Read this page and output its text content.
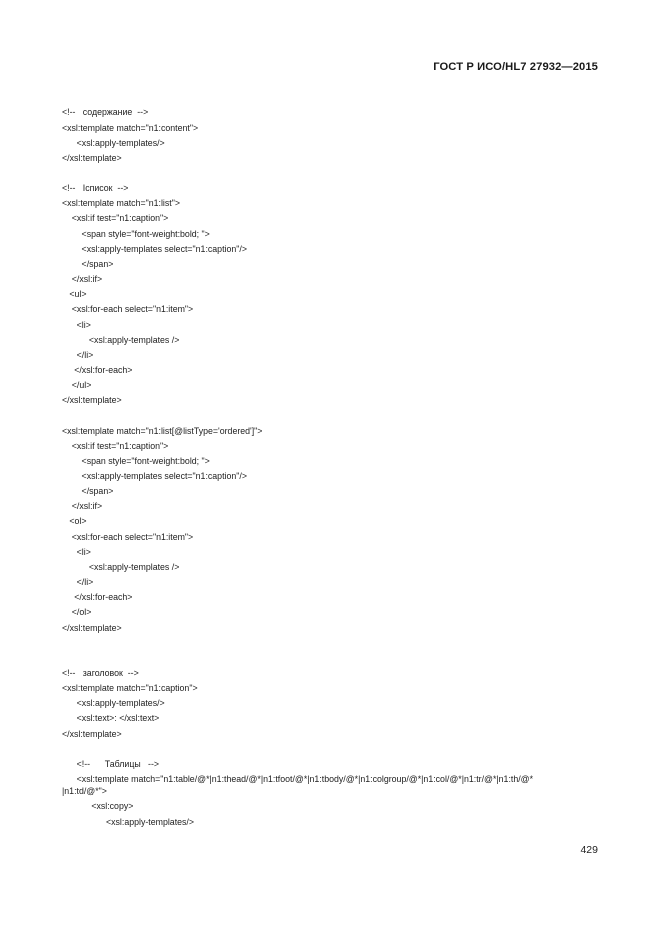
ГОСТ Р ИСО/HL7 27932—2015
<!--   содержание  -->
<xsl:template match="n1:content">
<xsl:apply-templates/>
</xsl:template>
<!--   Iсписок  -->
<xsl:template match="n1:list">
<xsl:if test="n1:caption">
<span style="font-weight:bold; ">
<xsl:apply-templates select="n1:caption"/>
</span>
</xsl:if>
<ul>
<xsl:for-each select="n1:item">
<li>
<xsl:apply-templates />
</li>
</xsl:for-each>
</ul>
</xsl:template>
<xsl:template match="n1:list[@listType='ordered']">
<xsl:if test="n1:caption">
<span style="font-weight:bold; ">
<xsl:apply-templates select="n1:caption"/>
</span>
</xsl:if>
<ol>
<xsl:for-each select="n1:item">
<li>
<xsl:apply-templates />
</li>
</xsl:for-each>
</ol>
</xsl:template>
<!--   заголовок  -->
<xsl:template match="n1:caption">
<xsl:apply-templates/>
<xsl:text>: </xsl:text>
</xsl:template>
<!--      Таблицы   -->
<xsl:template match="n1:table/@*|n1:thead/@*|n1:tfoot/@*|n1:tbody/@*|n1:colgroup/@*|n1:col/@*|n1:tr/@*|n1:th/@*
|n1:td/@*">
<xsl:copy>
<xsl:apply-templates/>
429
